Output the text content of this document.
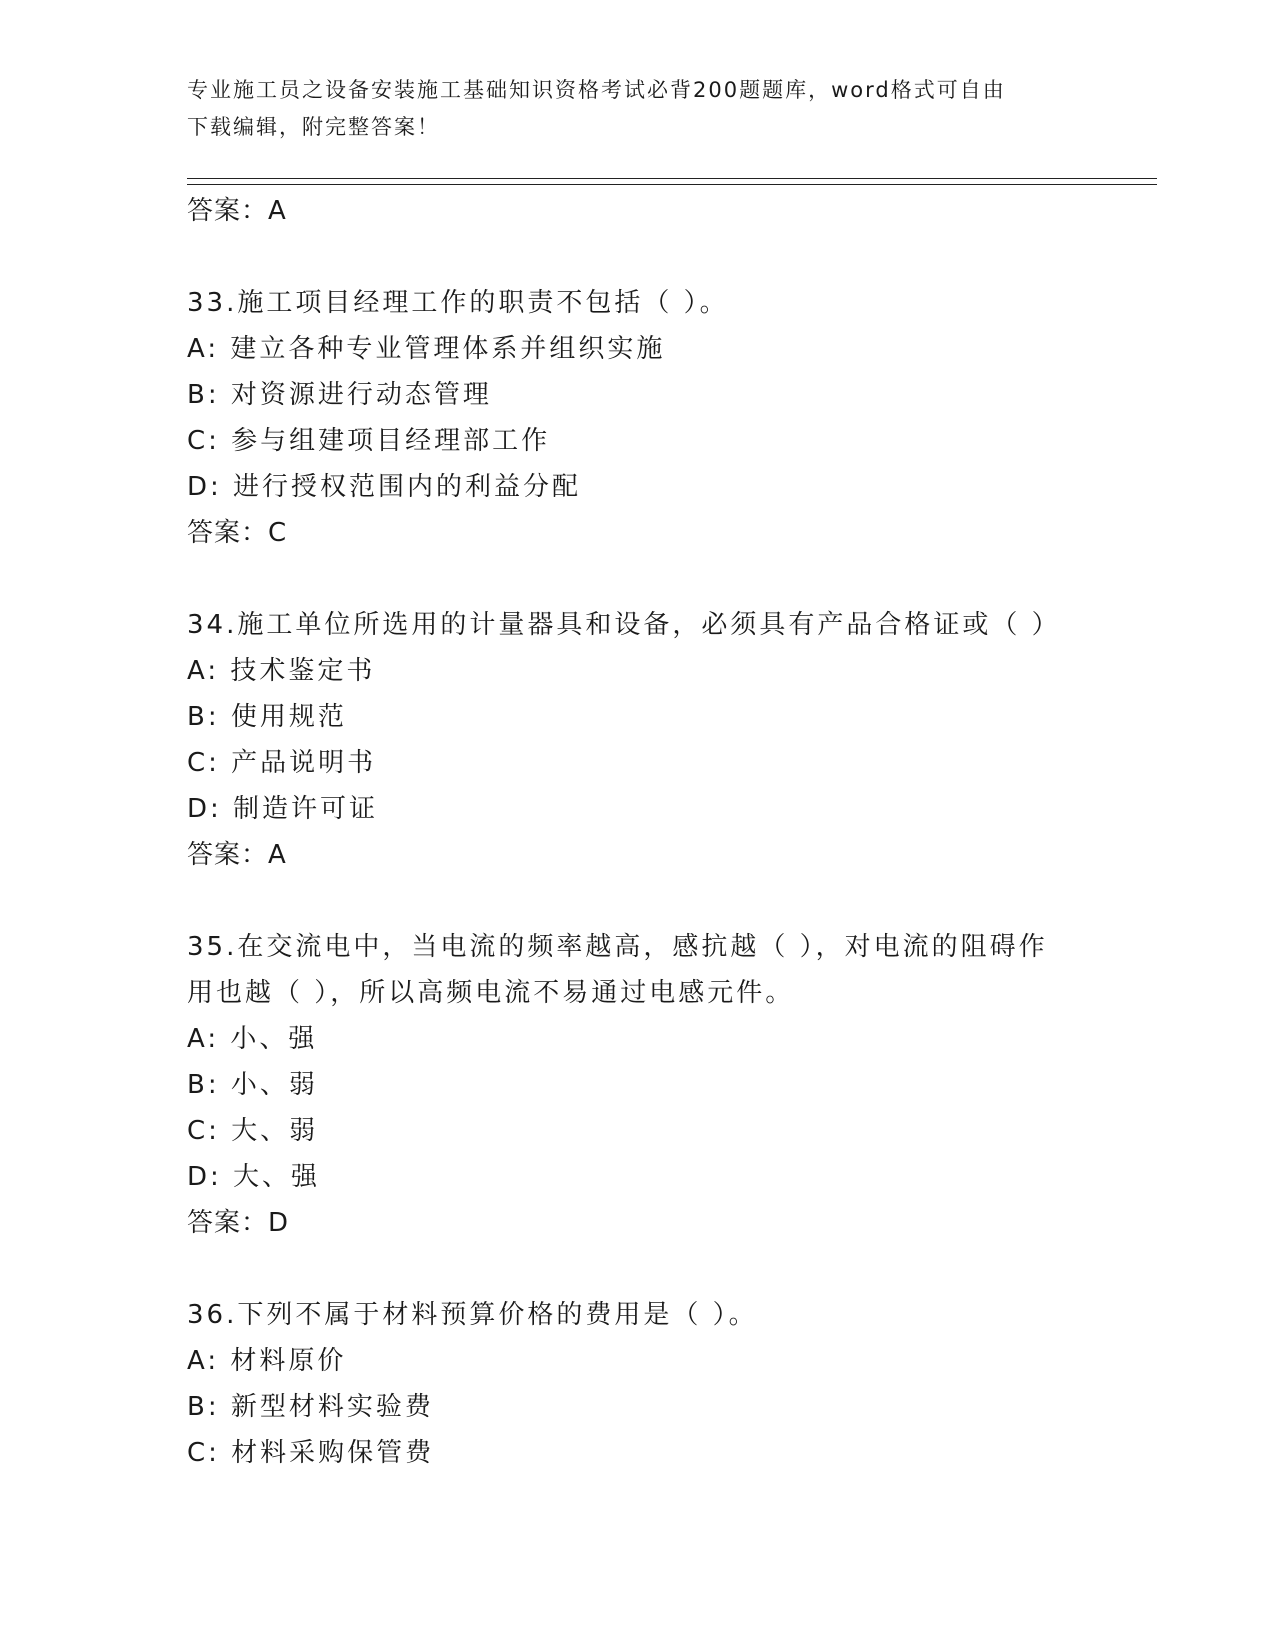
专业施工员之设备安装施工基础知识资格考试必背200题题库，word格式可自由
下载编辑，附完整答案！
答案：A
33.施工项目经理工作的职责不包括（ ）。
A: 建立各种专业管理体系并组织实施
B: 对资源进行动态管理
C: 参与组建项目经理部工作
D: 进行授权范围内的利益分配
答案：C
34.施工单位所选用的计量器具和设备，必须具有产品合格证或（ ）
A: 技术鉴定书
B: 使用规范
C: 产品说明书
D: 制造许可证
答案：A
35.在交流电中，当电流的频率越高，感抗越（ ），对电流的阻碍作
用也越（ ），所以高频电流不易通过电感元件。
A: 小、强
B: 小、弱
C: 大、弱
D: 大、强
答案：D
36.下列不属于材料预算价格的费用是（ ）。
A: 材料原价
B: 新型材料实验费
C: 材料采购保管费
